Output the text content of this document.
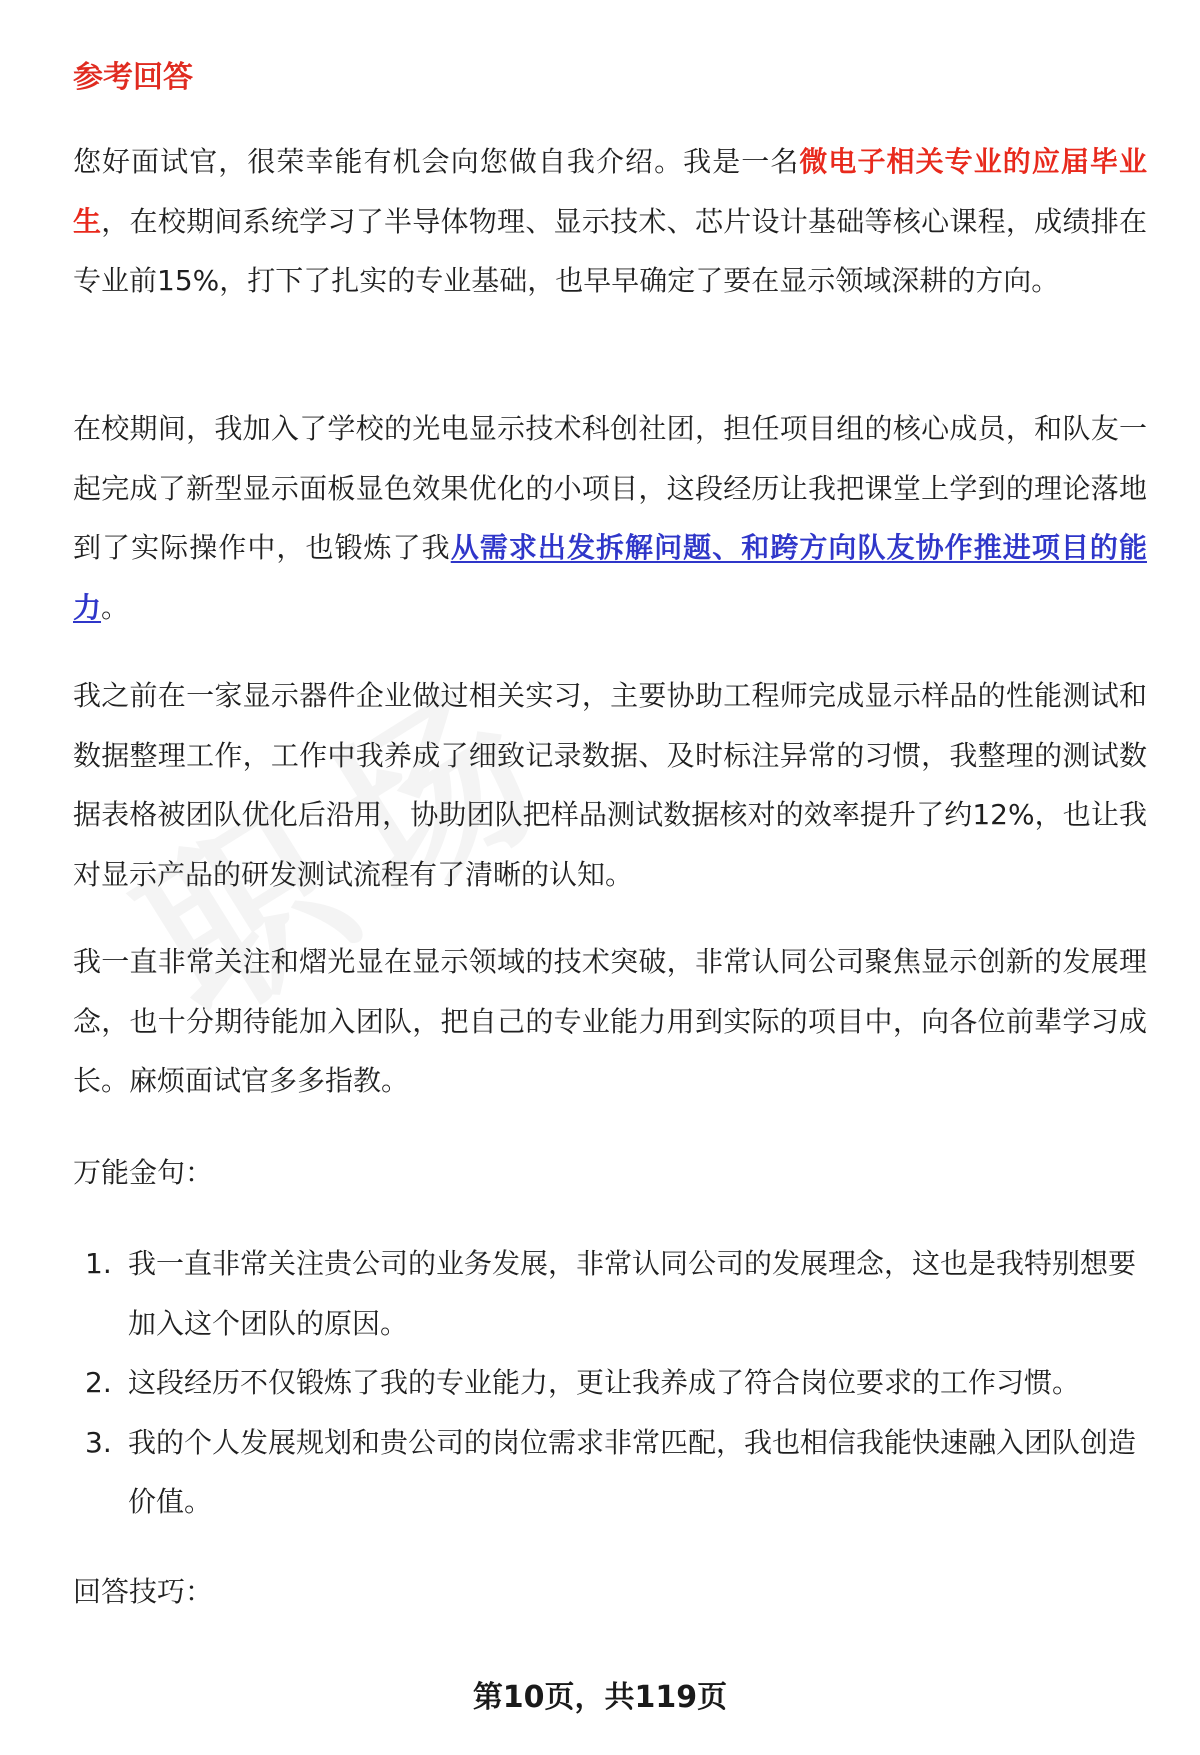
参考回答
您好面试官，很荣幸能有机会向您做自我介绍。我是一名微电子相关专业的应届毕业生，在校期间系统学习了半导体物理、显示技术、芯片设计基础等核心课程，成绩排在专业前15%，打下了扎实的专业基础，也早早确定了要在显示领域深耕的方向。
在校期间，我加入了学校的光电显示技术科创社团，担任项目组的核心成员，和队友一起完成了新型显示面板显色效果优化的小项目，这段经历让我把课堂上学到的理论落地到了实际操作中，也锻炼了我从需求出发拆解问题、和跨方向队友协作推进项目的能力。
我之前在一家显示器件企业做过相关实习，主要协助工程师完成显示样品的性能测试和数据整理工作，工作中我养成了细致记录数据、及时标注异常的习惯，我整理的测试数据表格被团队优化后沿用，协助团队把样品测试数据核对的效率提升了约12%，也让我对显示产品的研发测试流程有了清晰的认知。
我一直非常关注和熠光显在显示领域的技术突破，非常认同公司聚焦显示创新的发展理念，也十分期待能加入团队，把自己的专业能力用到实际的项目中，向各位前辈学习成长。麻烦面试官多多指教。
万能金句：
1. 我一直非常关注贵公司的业务发展，非常认同公司的发展理念，这也是我特别想要加入这个团队的原因。
2. 这段经历不仅锻炼了我的专业能力，更让我养成了符合岗位要求的工作习惯。
3. 我的个人发展规划和贵公司的岗位需求非常匹配，我也相信我能快速融入团队创造价值。
回答技巧：
第10页，共119页
